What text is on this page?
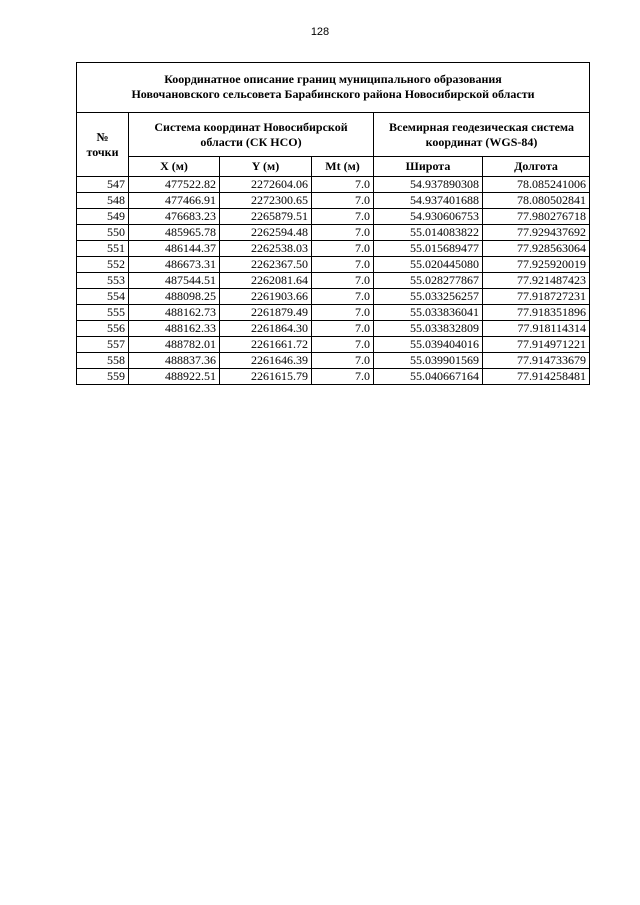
128
Координатное описание границ муниципального образования
Новочановского сельсовета Барабинского района Новосибирской области					

№ точки	Система координат Новосибирской области (СК НСО)			Всемирная геодезическая система координат (WGS-84)	
	X (м)	Y (м)	Mt (м)	Широта	Долгота
547	477522.82	2272604.06	7.0	54.937890308	78.085241006
548	477466.91	2272300.65	7.0	54.937401688	78.080502841
549	476683.23	2265879.51	7.0	54.930606753	77.980276718
550	485965.78	2262594.48	7.0	55.014083822	77.929437692
551	486144.37	2262538.03	7.0	55.015689477	77.928563064
552	486673.31	2262367.50	7.0	55.020445080	77.925920019
553	487544.51	2262081.64	7.0	55.028277867	77.921487423
554	488098.25	2261903.66	7.0	55.033256257	77.918727231
555	488162.73	2261879.49	7.0	55.033836041	77.918351896
556	488162.33	2261864.30	7.0	55.033832809	77.918114314
557	488782.01	2261661.72	7.0	55.039404016	77.914971221
558	488837.36	2261646.39	7.0	55.039901569	77.914733679
559	488922.51	2261615.79	7.0	55.040667164	77.914258481
